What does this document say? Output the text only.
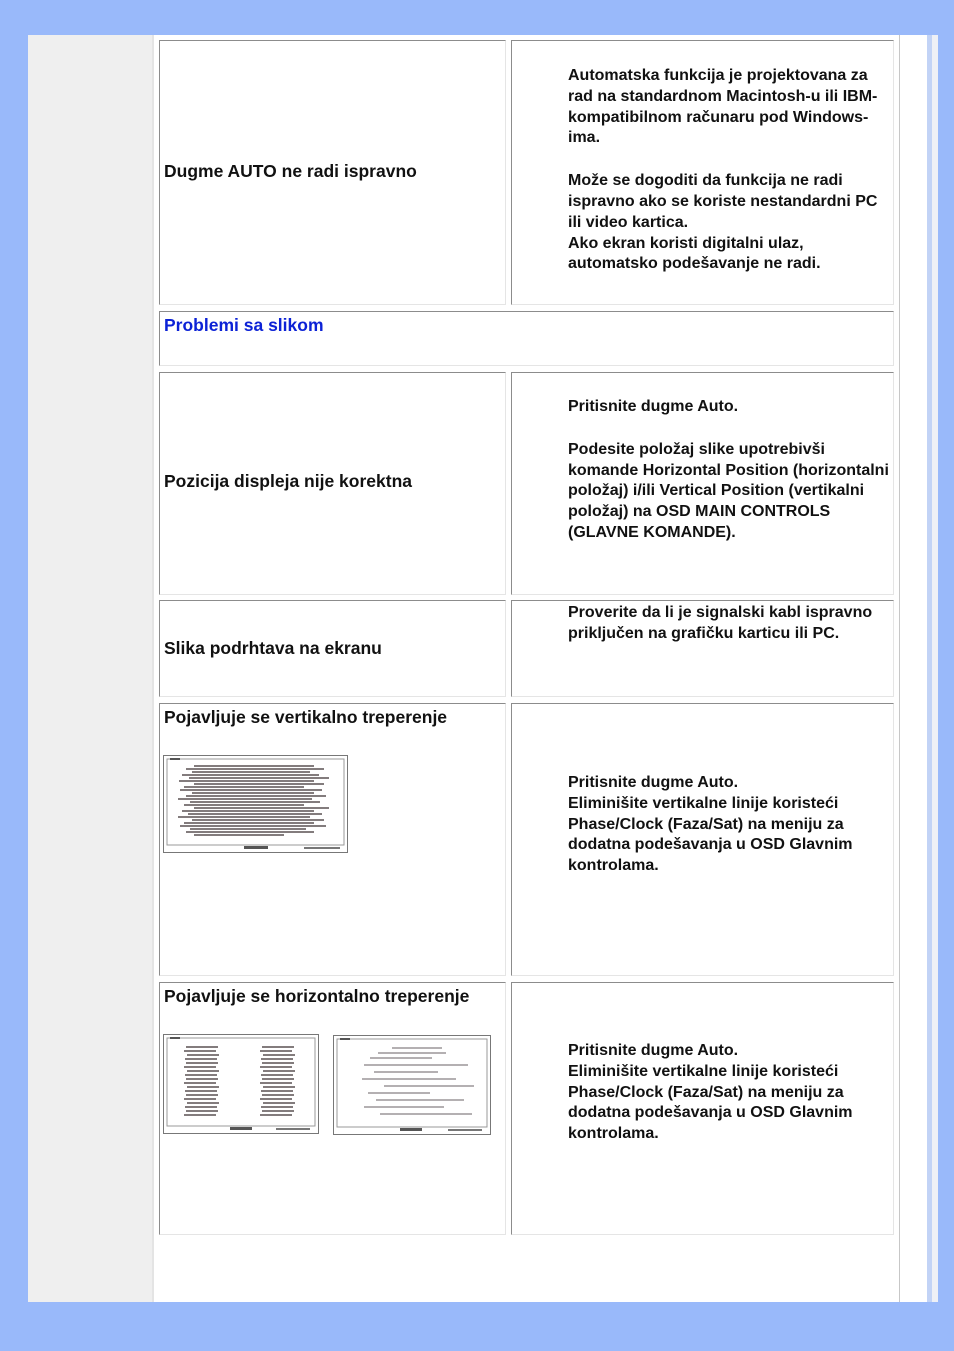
Dugme AUTO ne radi ispravno

Automatska funkcija je projektovana za rad na standardnom Macintosh-u ili IBM-kompatibilnom računaru pod Windows-ima.

Može se dogoditi da funkcija ne radi ispravno ako se koriste nestandardni PC ili video kartica.

Ako ekran koristi digitalni ulaz, automatsko podešavanje ne radi.

Problemi sa slikom
Pozicija displeja nije korektna

Pritisnite dugme Auto.

Podesite položaj slike upotrebivši komande Horizontal Position (horizontalni položaj) i/ili Vertical Position (vertikalni položaj) na OSD MAIN CONTROLS (GLAVNE KOMANDE).

Slika podrhtava na ekranu

Proverite da li je signalski kabl ispravno priključen na grafičku karticu ili PC.

Pojavljuje se vertikalno treperenje

Pritisnite dugme Auto.

Eliminišite vertikalne linije koristeći Phase/Clock (Faza/Sat) na meniju za dodatna podešavanja u OSD Glavnim kontrolama.

Pojavljuje se horizontalno treperenje

Pritisnite dugme Auto.

Eliminišite vertikalne linije koristeći Phase/Clock (Faza/Sat) na meniju za dodatna podešavanja u OSD Glavnim kontrolama.
